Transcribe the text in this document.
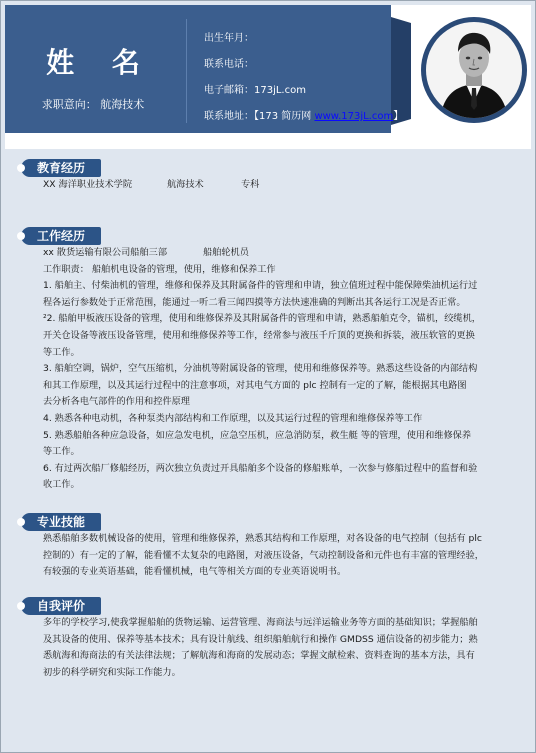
姓 名
求职意向： 航海技术
出生年月：
联系电话：
电子邮箱：173jL.com
联系地址：【173 简历网 www.173jL.com】
教育经历

XX 海洋职业技术学院	航海技术	专科

工作经历

xx 散货运输有限公司船舶三部	船舶轮机员

工作职责： 船舶机电设备的管理，使用，维修和保养工作

1. 船舶主、付柴油机的管理，维修和保养及其附属备件的管理和申请，独立值班过程中能保障柴油机运行过

程各运行参数处于正常范围，能通过一听二看三闻四摸等方法快速准确的判断出其各运行工况是否正常。

²2. 船舶甲板液压设备的管理，使用和维修保养及其附属备件的管理和申请，熟悉船舶克令，锚机，绞缆机，

开关仓设备等液压设备管理，使用和维修保养等工作，经常参与液压千斤顶的更换和拆装，液压软管的更换

等工作。

3. 船舶空调，锅炉，空气压缩机，分油机等附属设备的管理，使用和维修保养等。熟悉这些设备的内部结构

和其工作原理，以及其运行过程中的注意事项，对其电气方面的 plc 控制有一定的了解，能根据其电路图

去分析各电气部件的作用和控件原理

4. 熟悉各种电动机，各种泵类内部结构和工作原理，以及其运行过程的管理和维修保养等工作

5. 熟悉船舶各种应急设备，如应急发电机，应急空压机，应急消防泵，救生艇 等的管理，使用和维修保养

等工作。

6. 有过两次船厂修船经历，两次独立负责过开具船舶多个设备的修船账单，一次参与修船过程中的监督和验

收工作。

专业技能

熟悉船舶多数机械设备的使用，管理和维修保养，熟悉其结构和工作原理，对各设备的电气控制（包括有 plc

控制的）有一定的了解，能看懂不太复杂的电路图，对液压设备，气动控制设备和元件也有丰富的管理经验，

有较强的专业英语基础，能看懂机械，电气等相关方面的专业英语说明书。

自我评价

多年的学校学习,使我掌握船舶的货物运输、运营管理、海商法与远洋运输业务等方面的基础知识；掌握船舶

及其设备的使用、保养等基本技术；具有设计航线、组织船舶航行和操作 GMDSS 通信设备的初步能力；熟

悉航海和海商法的有关法律法规；了解航海和海商的发展动态；掌握文献检索、资料查询的基本方法，具有

初步的科学研究和实际工作能力。
